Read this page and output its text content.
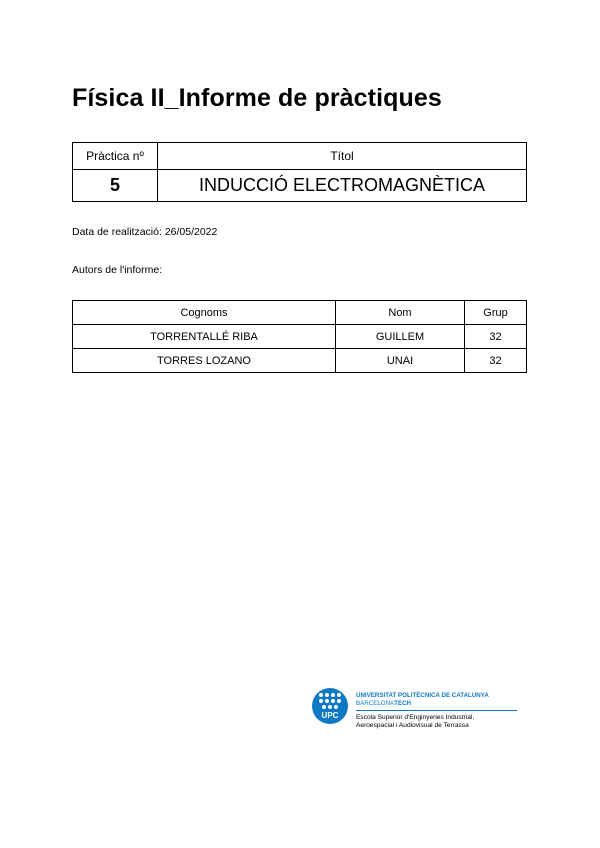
Física II_Informe de pràctiques
Pràctica nº	Títol
5	INDUCCIÓ ELECTROMAGNÈTICA
Data de realització: 26/05/2022
Autors de l'informe:
Cognoms	Nom	Grup
TORRENTALLÉ RIBA	GUILLEM	32
TORRES LOZANO	UNAI	32
UPC
UNIVERSITAT POLITÈCNICA DE CATALUNYA
BARCELONATECH
Escola Superior d'Enginyeries Industrial,
Aeroespacial i Audiovisual de Terrassa
